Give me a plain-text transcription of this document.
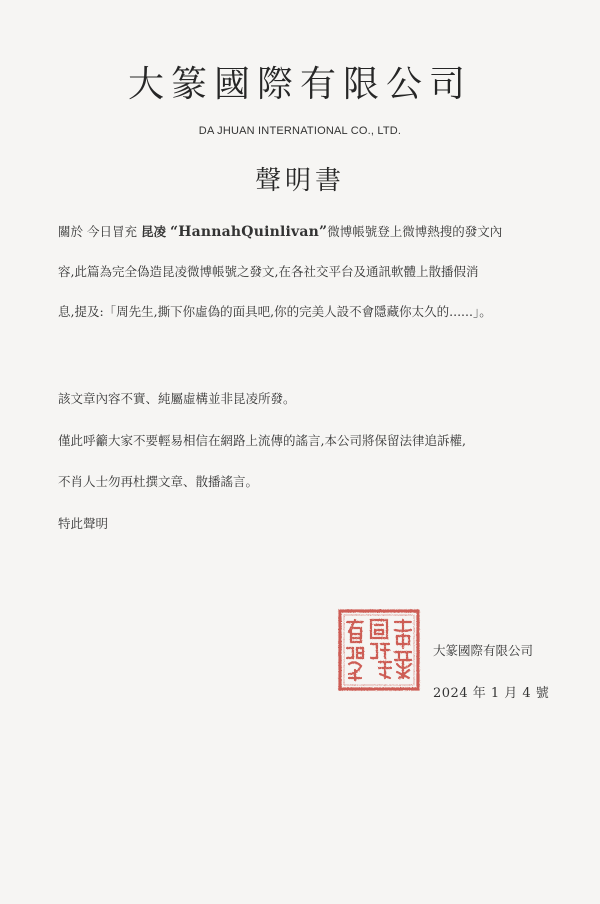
大篆國際有限公司
DA JHUAN INTERNATIONAL CO., LTD.
聲明書
關於 今日冒充 昆凌 “HannahQuinlivan”微博帳號登上微博熱搜的發文內
容,此篇為完全偽造昆凌微博帳號之發文,在各社交平台及通訊軟體上散播假消
息,提及:「周先生,撕下你虛偽的面具吧,你的完美人設不會隱藏你太久的......」。
該文章內容不實、純屬虛構並非昆凌所發。
僅此呼籲大家不要輕易相信在網路上流傳的謠言,本公司將保留法律追訴權,
不肖人士勿再杜撰文章、散播謠言。
特此聲明
大篆國際有限公司
2024 年 1 月 4 號
